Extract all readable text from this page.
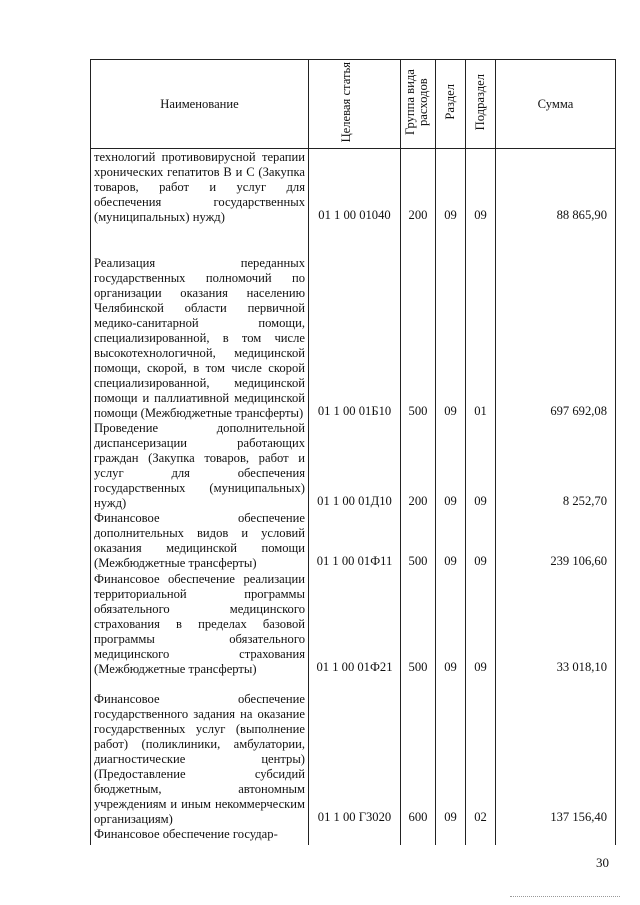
Наименование	Целевая статья	Группа вида расходов	Раздел	Подраздел	Сумма
технологий противовирусной терапии хронических гепатитов В и С (Закупка товаров, работ и услуг для обеспечения государственных (муниципальных) нужд)	01 1 00 01040	200	09	09	88 865,90
Реализация переданных государственных полномочий по организации оказания населению Челябинской области первичной медико-санитарной помощи, специализированной, в том числе высокотехнологичной, медицинской помощи, скорой, в том числе скорой специализированной, медицинской помощи и паллиативной медицинской помощи (Межбюджетные трансферты)	01 1 00 01Б10	500	09	01	697 692,08
Проведение дополнительной диспансеризации работающих граждан (Закупка товаров, работ и услуг для обеспечения государственных (муниципальных) нужд)	01 1 00 01Д10	200	09	09	8 252,70
Финансовое обеспечение дополнительных видов и условий оказания медицинской помощи (Межбюджетные трансферты)	01 1 00 01Ф11	500	09	09	239 106,60
Финансовое обеспечение реализации территориальной программы обязательного медицинского страхования в пределах базовой программы обязательного медицинского страхования (Межбюджетные трансферты)	01 1 00 01Ф21	500	09	09	33 018,10
Финансовое обеспечение государственного задания на оказание государственных услуг (выполнение работ) (поликлиники, амбулатории, диагностические центры) (Предоставление субсидий бюджетным, автономным учреждениям и иным некоммерческим организациям)	01 1 00 Г3020	600	09	02	137 156,40
Финансовое обеспечение государ-					
30
